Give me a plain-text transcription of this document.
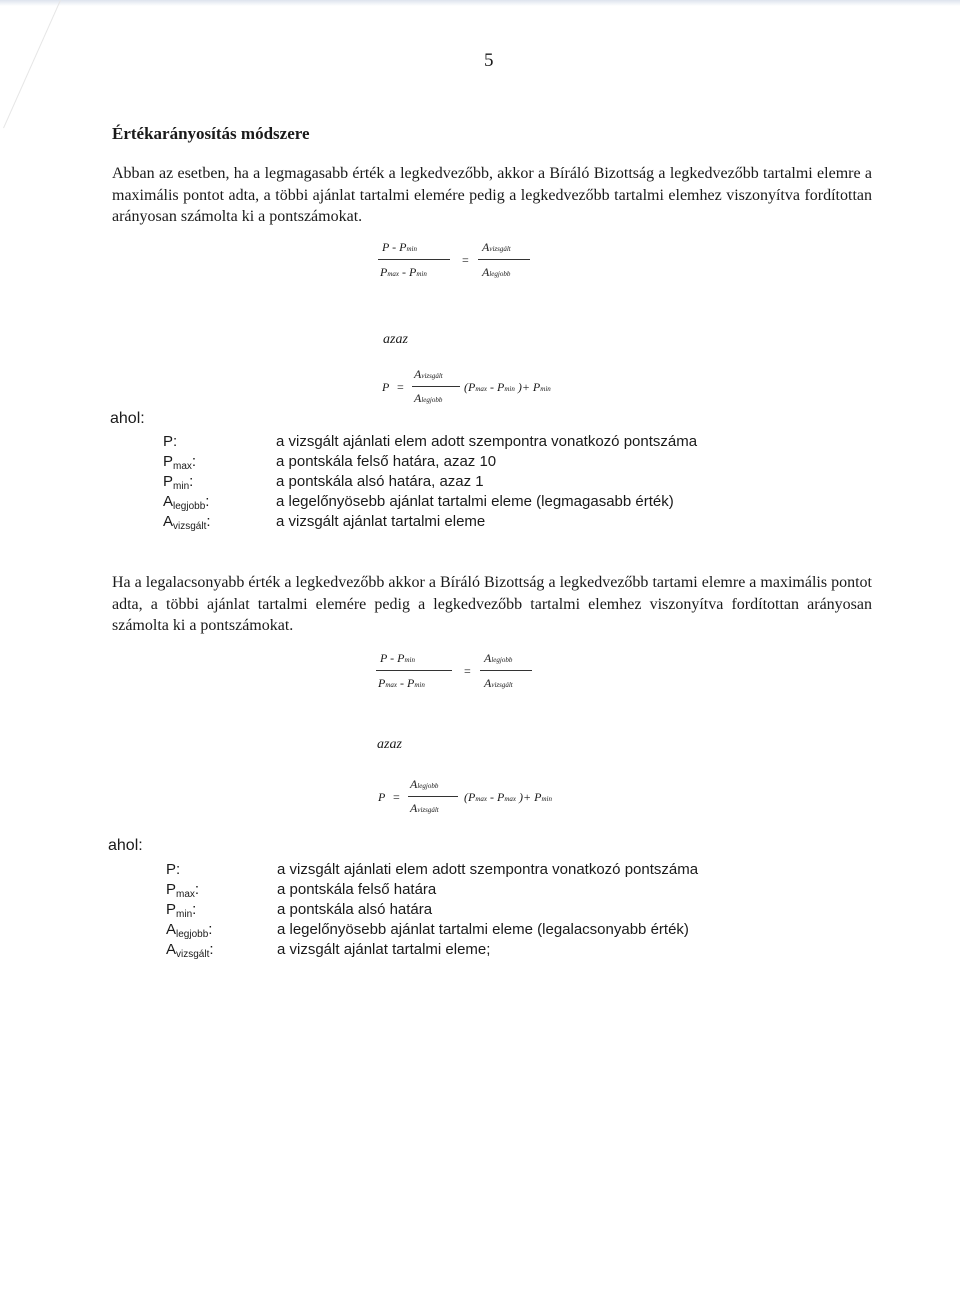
5
Értékarányosítás módszere
Abban az esetben, ha a legmagasabb érték a legkedvezőbb, akkor a Bíráló Bizottság a legkedvezőbb tartalmi elemre a maximális pontot adta, a többi ajánlat tartalmi elemére pedig a legkedvezőbb tartalmi elemhez viszonyítva fordítottan arányosan számolta ki a pontszámokat.
P - Pmin
Pmax - Pmin
=
Avizsgált
Alegjobb
azaz
P =
Avizsgált
Alegjobb
(Pmax - Pmin )+ Pmin
ahol:
P:	a vizsgált ajánlati elem adott szempontra vonatkozó pontszáma
$P_{max}$:	a pontskála felső határa, azaz 10
$P_{min}$:	a pontskála alsó határa, azaz 1
$A_{legjobb}$:	a legelőnyösebb ajánlat tartalmi eleme (legmagasabb érték)
$A_{vizsgált}$:	a vizsgált ajánlat tartalmi eleme
Ha a legalacsonyabb érték a legkedvezőbb akkor a Bíráló Bizottság a legkedvezőbb tartami elemre a maximális pontot adta, a többi ajánlat tartalmi elemére pedig a legkedvezőbb tartalmi elemhez viszonyítva fordítottan arányosan számolta ki a pontszámokat.
P - Pmin
Pmax - Pmin
=
Alegjobb
Avizsgált
azaz
P =
Alegjobb
Avizsgált
(Pmax - Pmax )+ Pmin
ahol:
P:	a vizsgált ajánlati elem adott szempontra vonatkozó pontszáma
$P_{max}$:	a pontskála felső határa
$P_{min}$:	a pontskála alsó határa
$A_{legjobb}$:	a legelőnyösebb ajánlat tartalmi eleme (legalacsonyabb érték)
$A_{vizsgált}$:	a vizsgált ajánlat tartalmi eleme;
